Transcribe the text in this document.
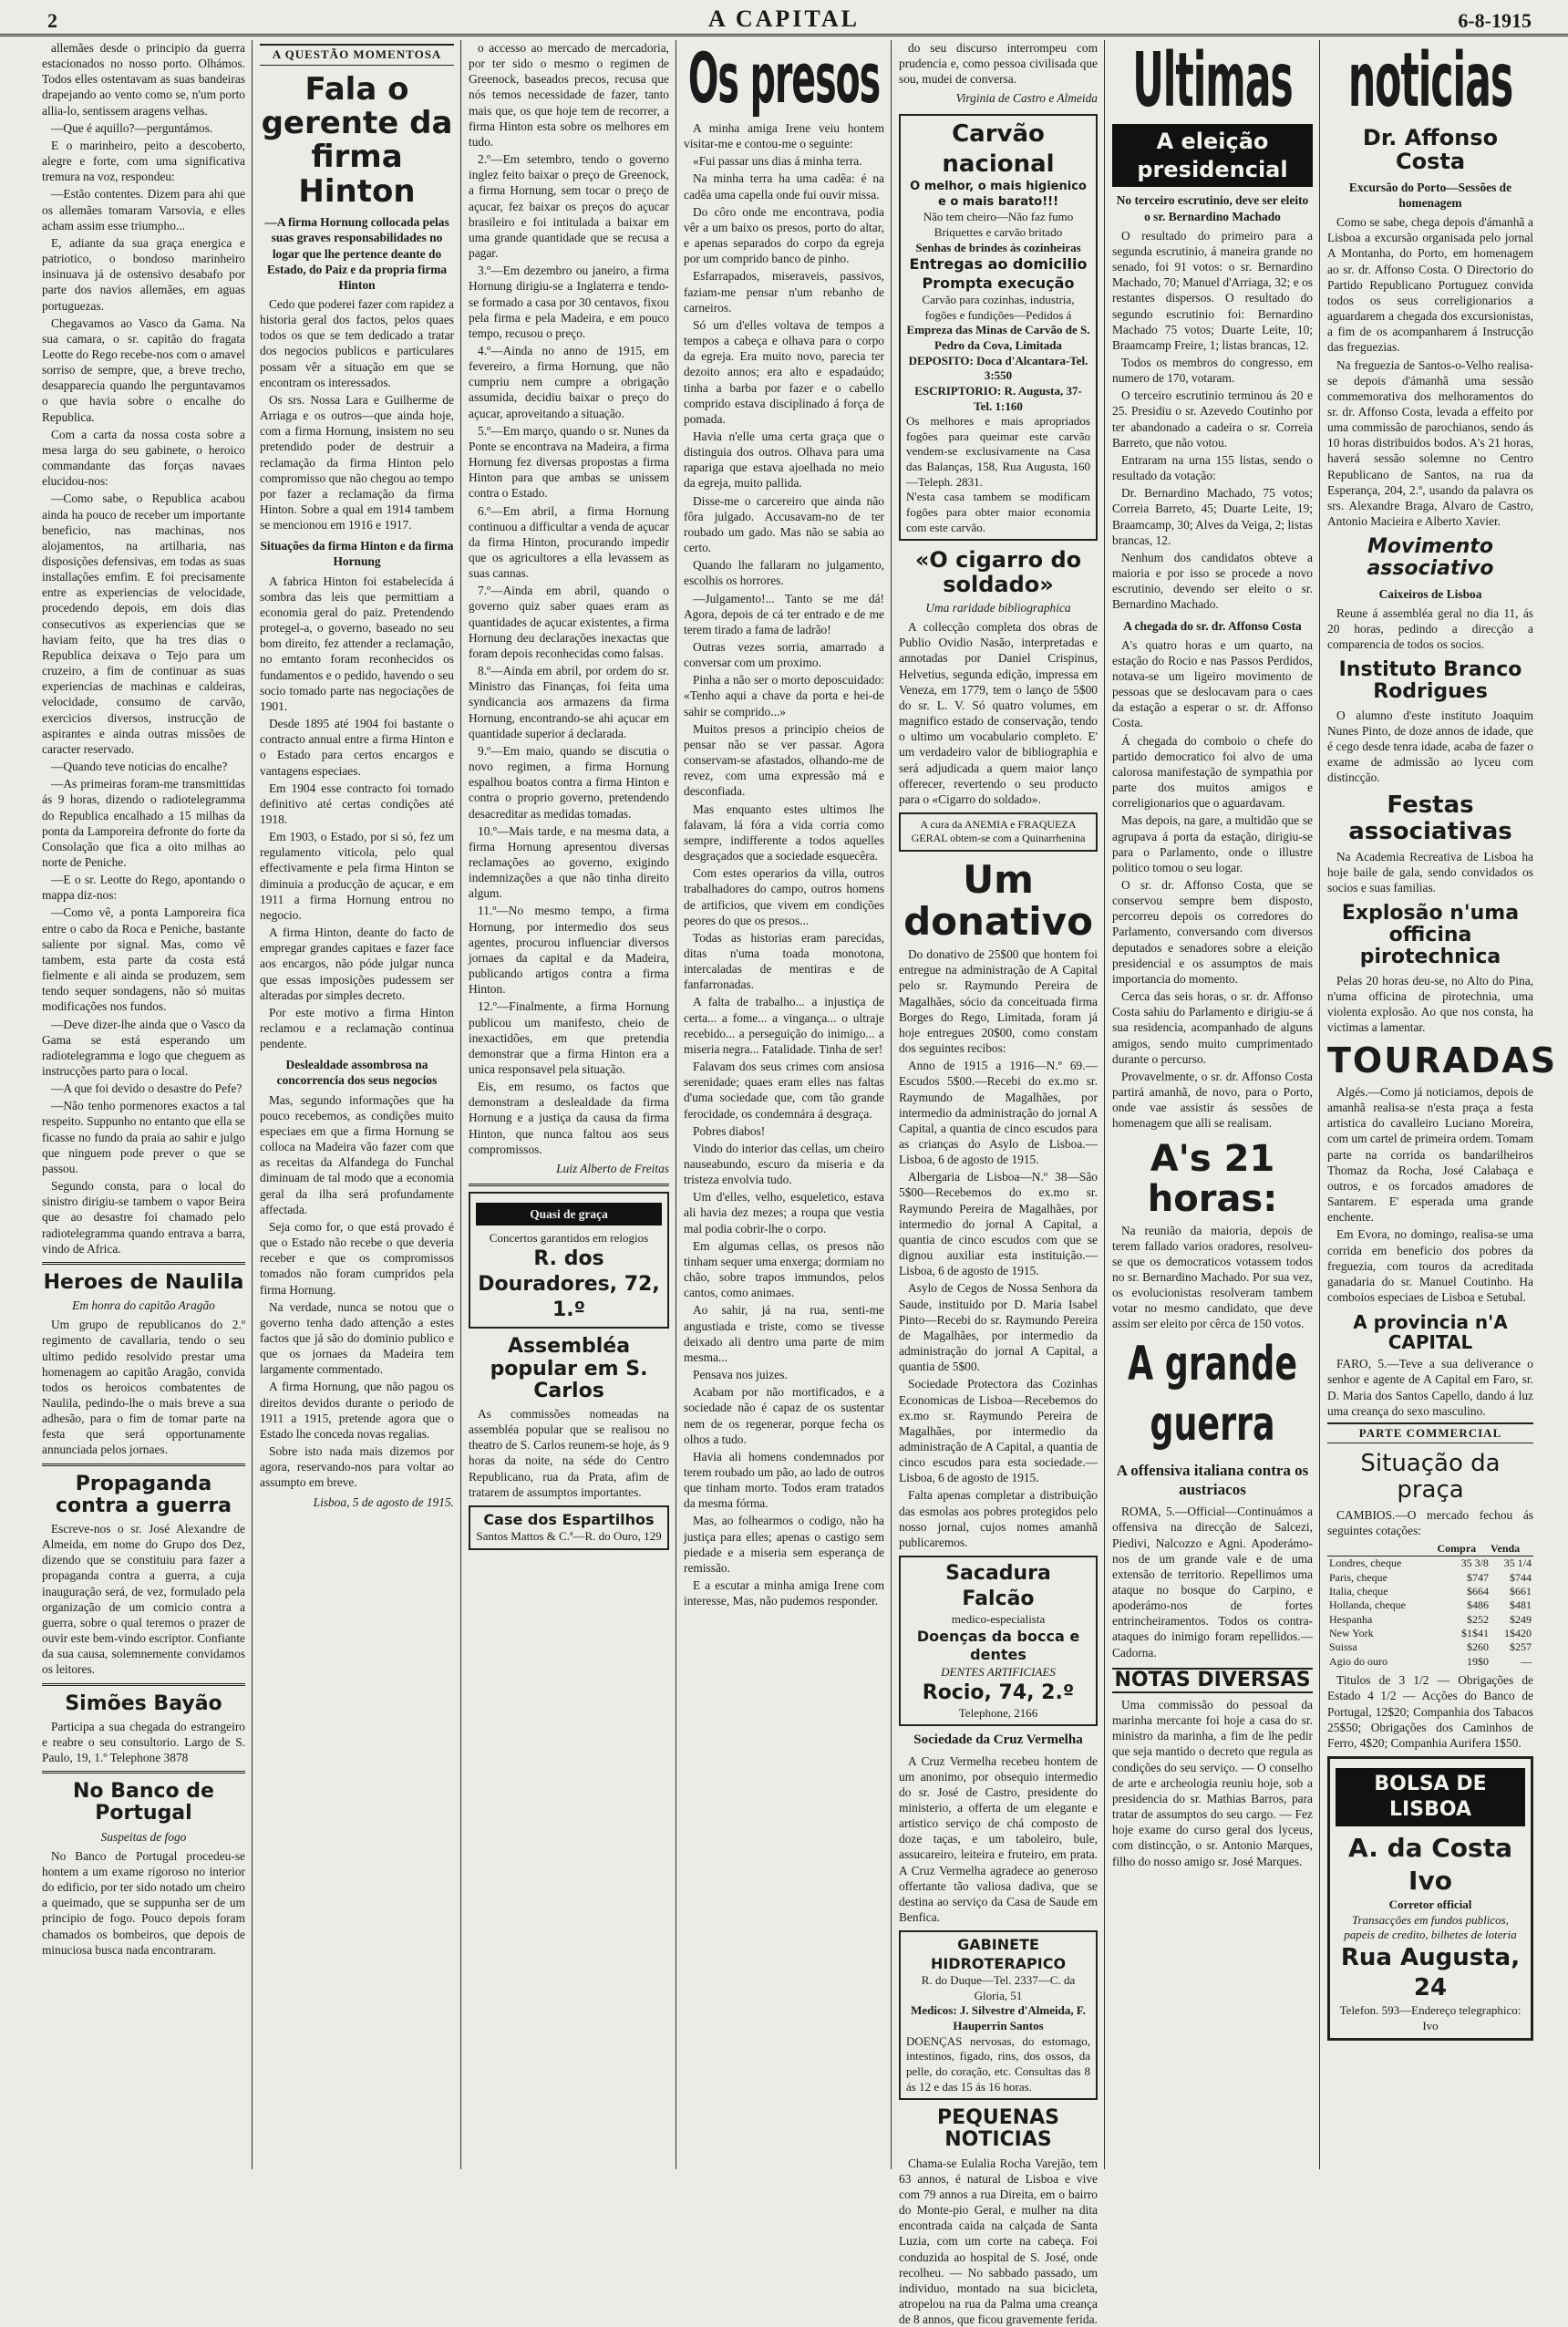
2	A CAPITAL	6-8-1915

allemães desde o principio da guerra estacionados no nosso porto. Olhámos. Todos elles ostentavam as suas bandeiras drapejando ao vento como se, n'um porto allia-lo, sentissem aragens velhas.

—Que é aquillo?—perguntámos.

E o marinheiro, peito a descoberto, alegre e forte, com uma significativa tremura na voz, respondeu:

—Estão contentes. Dizem para ahi que os allemães tomaram Varsovia, e elles acham assim esse triumpho...

E, adiante da sua graça energica e patriotico, o bondoso marinheiro insinuava já de ostensivo desabafo por parte dos navios allemães, em aguas portuguezas.

Chegavamos ao Vasco da Gama. Na sua camara, o sr. capitão do fragata Leotte do Rego recebe-nos com o amavel sorriso de sempre, que, a breve trecho, desapparecia quando lhe perguntavamos o que havia sobre o encalhe do Republica.

Com a carta da nossa costa sobre a mesa larga do seu gabinete, o heroico commandante das forças navaes elucidou-nos:

—Como sabe, o Republica acabou ainda ha pouco de receber um importante beneficio, nas machinas, nos alojamentos, na artilharia, nas disposições defensivas, em todas as suas installações emfim. E foi precisamente entre as experiencias de velocidade, procedendo depois, em dois dias consecutivos as experiencias que se haviam feito, que ha tres dias o Republica deixava o Tejo para um cruzeiro, a fim de continuar as suas experiencias de machinas e caldeiras, velocidade, consumo de carvão, exercicios diversos, instrucção de aspirantes e ainda outras missões de caracter reservado.

—Quando teve noticias do encalhe?

—As primeiras foram-me transmittidas ás 9 horas, dizendo o radiotelegramma do Republica encalhado a 15 milhas da ponta da Lamporeira defronte do forte da Consolação que fica a oito milhas ao norte de Peniche.

—E o sr. Leotte do Rego, apontando o mappa diz-nos:

—Como vê, a ponta Lamporeira fica entre o cabo da Roca e Peniche, bastante saliente por signal. Mas, como vê tambem, esta parte da costa está fielmente e ali ainda se produzem, sem tendo sequer sondagens, não só muitas modificações nos fundos.

—Deve dizer-lhe ainda que o Vasco da Gama se está esperando um radiotelegramma e logo que cheguem as instrucções parto para o local.

—A que foi devido o desastre do Pefe?

—Não tenho pormenores exactos a tal respeito. Suppunho no entanto que ella se ficasse no fundo da praia ao sahir e julgo que ninguem pode prever o que se passou.

Segundo consta, para o local do sinistro dirigiu-se tambem o vapor Beira que ao desastre foi chamado pelo radiotelegramma quando entrava a barra, vindo de Africa.

Heroes de Naulila
Em honra do capitão Aragão

Um grupo de republicanos do 2.º regimento de cavallaria, tendo o seu ultimo pedido resolvido prestar uma homenagem ao capitão Aragão, convida todos os heroicos combatentes de Naulila, pedindo-lhe o mais breve a sua adhesão, para o fim de tomar parte na festa que será opportunamente annunciada pelos jornaes.

Propaganda contra a guerra

Escreve-nos o sr. José Alexandre de Almeida, em nome do Grupo dos Dez, dizendo que se constituiu para fazer a propaganda contra a guerra, a cuja inauguração será, de vez, formulado pela organização de um comicio contra a guerra, sobre o qual teremos o prazer de ouvir este bem-vindo escriptor. Confiante da sua causa, solemnemente convidamos os leitores.

Simões Bayão

Participa a sua chegada do estrangeiro e reabre o seu consultorio. Largo de S. Paulo, 19, 1.º Telephone 3878

No Banco de Portugal
Suspeitas de fogo

No Banco de Portugal procedeu-se hontem a um exame rigoroso no interior do edificio, por ter sido notado um cheiro a queimado, que se suppunha ser de um principio de fogo. Pouco depois foram chamados os bombeiros, que depois de minuciosa busca nada encontraram.

A QUESTÃO MOMENTOSA
Fala o gerente da firma Hinton
—A firma Hornung collocada pelas suas graves responsabilidades no logar que lhe pertence deante do Estado, do Paiz e da propria firma Hinton

Cedo que poderei fazer com rapidez a historia geral dos factos, pelos quaes todos os que se tem dedicado a tratar dos negocios publicos e particulares possam vêr a situação em que se encontram os interessados.

Os srs. Nossa Lara e Guilherme de Arriaga e os outros—que ainda hoje, com a firma Hornung, insistem no seu pretendido poder de destruir a reclamação da firma Hinton pelo compromisso que não chegou ao tempo por fazer a reclamação da firma Hinton. Sobre a qual em 1914 tambem se mencionou em 1916 e 1917.

Situações da firma Hinton e da firma Hornung

A fabrica Hinton foi estabelecida á sombra das leis que permittiam a economia geral do paiz. Pretendendo protegel-a, o governo, baseado no seu bom direito, fez attender a reclamação, no emtanto foram reconhecidos os fundamentos e o pedido, havendo o seu socio tomado parte nas negociações de 1901.

Desde 1895 até 1904 foi bastante o contracto annual entre a firma Hinton e o Estado para certos encargos e vantagens especiaes.

Em 1904 esse contracto foi tornado definitivo até certas condições até 1918.

Em 1903, o Estado, por si só, fez um regulamento viticola, pelo qual effectivamente e pela firma Hinton se diminuia a producção de açucar, e em 1911 a firma Hornung entrou no negocio.

A firma Hinton, deante do facto de empregar grandes capitaes e fazer face aos encargos, não póde julgar nunca que essas imposições pudessem ser alteradas por simples decreto.

Por este motivo a firma Hinton reclamou e a reclamação continua pendente.

Deslealdade assombrosa na concorrencia dos seus negocios

Mas, segundo informações que ha pouco recebemos, as condições muito especiaes em que a firma Hornung se colloca na Madeira vão fazer com que as receitas da Alfandega do Funchal diminuam de tal modo que a economia geral da ilha será profundamente affectada.

Seja como for, o que está provado é que o Estado não recebe o que deveria receber e que os compromissos tomados não foram cumpridos pela firma Hornung.

Na verdade, nunca se notou que o governo tenha dado attenção a estes factos que já são do dominio publico e que os jornaes da Madeira tem largamente commentado.

A firma Hornung, que não pagou os direitos devidos durante o periodo de 1911 a 1915, pretende agora que o Estado lhe conceda novas regalias.

Sobre isto nada mais dizemos por agora, reservando-nos para voltar ao assumpto em breve.

Lisboa, 5 de agosto de 1915.

o accesso ao mercado de mercadoria, por ter sido o mesmo o regimen de Greenock, baseados precos, recusa que nós temos necessidade de fazer, tanto mais que, os que hoje tem de recorrer, a firma Hinton esta sobre os melhores em tudo.

2.º—Em setembro, tendo o governo inglez feito baixar o preço de Greenock, a firma Hornung, sem tocar o preço de açucar, fez baixar os preços do açucar brasileiro e foi intitulada a baixar em uma grande quantidade que se recusa a pagar.

3.º—Em dezembro ou janeiro, a firma Hornung dirigiu-se a Inglaterra e tendo-se formado a casa por 30 centavos, fixou pela firma e pela Madeira, e em pouco tempo, recusou o preço.

4.º—Ainda no anno de 1915, em fevereiro, a firma Hornung, que não cumpriu nem cumpre a obrigação assumida, decidiu baixar o preço do açucar, aproveitando a situação.

5.º—Em março, quando o sr. Nunes da Ponte se encontrava na Madeira, a firma Hornung fez diversas propostas a firma Hinton para que ambas se unissem contra o Estado.

6.º—Em abril, a firma Hornung continuou a difficultar a venda de açucar da firma Hinton, procurando impedir que os agricultores a ella levassem as suas cannas.

7.º—Ainda em abril, quando o governo quiz saber quaes eram as quantidades de açucar existentes, a firma Hornung deu declarações inexactas que foram depois reconhecidas como falsas.

8.º—Ainda em abril, por ordem do sr. Ministro das Finanças, foi feita uma syndicancia aos armazens da firma Hornung, encontrando-se ahi açucar em quantidade superior á declarada.

9.º—Em maio, quando se discutia o novo regimen, a firma Hornung espalhou boatos contra a firma Hinton e contra o proprio governo, pretendendo desacreditar as medidas tomadas.

10.º—Mais tarde, e na mesma data, a firma Hornung apresentou diversas reclamações ao governo, exigindo indemnizações a que não tinha direito algum.

11.º—No mesmo tempo, a firma Hornung, por intermedio dos seus agentes, procurou influenciar diversos jornaes da capital e da Madeira, publicando artigos contra a firma Hinton.

12.º—Finalmente, a firma Hornung publicou um manifesto, cheio de inexactidões, em que pretendia demonstrar que a firma Hinton era a unica responsavel pela situação.

Eis, em resumo, os factos que demonstram a deslealdade da firma Hornung e a justiça da causa da firma Hinton, que nunca faltou aos seus compromissos.

Luiz Alberto de Freitas
Quasi de graça
Concertos garantidos em relogios
R. dos Douradores, 72, 1.º
Assembléa popular em S. Carlos

As commissões nomeadas na assembléa popular que se realisou no theatro de S. Carlos reunem-se hoje, ás 9 horas da noite, na séde do Centro Republicano, rua da Prata, afim de tratarem de assumptos importantes.

Case dos Espartilhos
Santos Mattos & C.ª—R. do Ouro, 129
Os presos

A minha amiga Irene veiu hontem visitar-me e contou-me o seguinte:

«Fui passar uns dias á minha terra.

Na minha terra ha uma cadêa: é na cadêa uma capella onde fui ouvir missa.

Do côro onde me encontrava, podia vêr a um baixo os presos, porto do altar, e apenas separados do corpo da egreja por um comprido banco de pinho.

Esfarrapados, miseraveis, passivos, faziam-me pensar n'um rebanho de carneiros.

Só um d'elles voltava de tempos a tempos a cabeça e olhava para o corpo da egreja. Era muito novo, parecia ter dezoito annos; era alto e espadaúdo; tinha a barba por fazer e o cabello comprido estava disciplinado á força de pomada.

Havia n'elle uma certa graça que o distinguia dos outros. Olhava para uma rapariga que estava ajoelhada no meio da egreja, muito pallida.

Disse-me o carcereiro que ainda não fôra julgado. Accusavam-no de ter roubado um gado. Mas não se sabia ao certo.

Quando lhe fallaram no julgamento, escolhis os horrores.

—Julgamento!... Tanto se me dá! Agora, depois de cá ter entrado e de me terem tirado a fama de ladrão!

Outras vezes sorria, amarrado a conversar com um proximo.

Pinha a não ser o morto deposcuidado: «Tenho aqui a chave da porta e hei-de sahir se comprido...»

Muitos presos a principio cheios de pensar não se ver passar. Agora conservam-se afastados, olhando-me de revez, com uma expressão má e desconfiada.

Mas enquanto estes ultimos lhe falavam, lá fóra a vida corria como sempre, indifferente a todos aquelles desgraçados que a sociedade esquecêra.

Com estes operarios da villa, outros trabalhadores do campo, outros homens de artificios, que vivem em condições peores do que os presos...

Todas as historias eram parecidas, ditas n'uma toada monotona, intercaladas de mentiras e de fanfarronadas.

A falta de trabalho... a injustiça de certa... a fome... a vingança... o ultraje recebido... a perseguição do inimigo... a miseria negra... Fatalidade. Tinha de ser!

Falavam dos seus crimes com ansiosa serenidade; quaes eram elles nas faltas d'uma sociedade que, com tão grande ferocidade, os condemnára á desgraça.

Pobres diabos!

Vindo do interior das cellas, um cheiro nauseabundo, escuro da miseria e da tristeza envolvia tudo.

Um d'elles, velho, esqueletico, estava ali havia dez mezes; a roupa que vestia mal podia cobrir-lhe o corpo.

Em algumas cellas, os presos não tinham sequer uma enxerga; dormiam no chão, sobre trapos immundos, pelos cantos, como animaes.

Ao sahir, já na rua, senti-me angustiada e triste, como se tivesse deixado ali dentro uma parte de mim mesma...

Pensava nos juizes.

Acabam por não mortificados, e a sociedade não é capaz de os sustentar nem de os regenerar, porque fecha os olhos a tudo.

Havia ali homens condemnados por terem roubado um pão, ao lado de outros que tinham morto. Todos eram tratados da mesma fórma.

Mas, ao folhearmos o codigo, não ha justiça para elles; apenas o castigo sem piedade e a miseria sem esperança de remissão.

E a escutar a minha amiga Irene com interesse, Mas, não pudemos responder.

do seu discurso interrompeu com prudencia e, como pessoa civilisada que sou, mudei de conversa.

Virginia de Castro e Almeida
Carvão nacional
O melhor, o mais higienico e o mais barato!!!
Não tem cheiro—Não faz fumo
Briquettes e carvão britado
Senhas de brindes ás cozinheiras
Entregas ao domicilio
Prompta execução
Carvão para cozinhas, industria, fogões e fundições—Pedidos á
Empreza das Minas de Carvão de S. Pedro da Cova, Limitada
DEPOSITO: Doca d'Alcantara-Tel. 3:550
ESCRIPTORIO: R. Augusta, 37-Tel. 1:160
Os melhores e mais apropriados fogões para queimar este carvão vendem-se exclusivamente na Casa das Balanças, 158, Rua Augusta, 160—Teleph. 2831.
N'esta casa tambem se modificam fogões para obter maior economia com este carvão.
«O cigarro do soldado»
Uma raridade bibliographica

A collecção completa dos obras de Publio Ovidio Nasão, interpretadas e annotadas por Daniel Crispinus, Helvetius, segunda edição, impressa em Veneza, em 1779, tem o lanço de 5$00 do sr. L. V. Só quatro volumes, em magnifico estado de conservação, tendo o ultimo um vocabulario completo. E' um verdadeiro valor de bibliographia e será adjudicada a quem maior lanço offerecer, revertendo o seu producto para o «Cigarro do soldado».

A cura da ANEMIA e FRAQUEZA GERAL obtem-se com a Quinarrhenina
Um donativo

Do donativo de 25$00 que hontem foi entregue na administração de A Capital pelo sr. Raymundo Pereira de Magalhães, sócio da conceituada firma Borges do Rego, Limitada, foram já hoje entregues 20$00, como constam dos seguintes recibos:

Anno de 1915 a 1916—N.º 69.—Escudos 5$00.—Recebi do ex.mo sr. Raymundo de Magalhães, por intermedio da administração do jornal A Capital, a quantia de cinco escudos para as crianças do Asylo de Lisboa.—Lisboa, 6 de agosto de 1915.

Albergaria de Lisboa—N.º 38—São 5$00—Recebemos do ex.mo sr. Raymundo Pereira de Magalhães, por intermedio do jornal A Capital, a quantia de cinco escudos com que se dignou auxiliar esta instituição.—Lisboa, 6 de agosto de 1915.

Asylo de Cegos de Nossa Senhora da Saude, instituido por D. Maria Isabel Pinto—Recebi do sr. Raymundo Pereira de Magalhães, por intermedio da administração do jornal A Capital, a quantia de 5$00.

Sociedade Protectora das Cozinhas Economicas de Lisboa—Recebemos do ex.mo sr. Raymundo Pereira de Magalhães, por intermedio da administração de A Capital, a quantia de cinco escudos para esta sociedade.—Lisboa, 6 de agosto de 1915.

Falta apenas completar a distribuição das esmolas aos pobres protegidos pelo nosso jornal, cujos nomes amanhã publicaremos.

Sacadura Falcão
medico-especialista
Doenças da bocca e dentes
DENTES ARTIFICIAES
Rocio, 74, 2.º
Telephone, 2166
Sociedade da Cruz Vermelha

A Cruz Vermelha recebeu hontem de um anonimo, por obsequio intermedio do sr. José de Castro, presidente do ministerio, a offerta de um elegante e artistico serviço de chá composto de doze taças, e um taboleiro, bule, assucareiro, leiteira e fruteiro, em prata. A Cruz Vermelha agradece ao generoso offertante tão valiosa dadiva, que se destina ao serviço da Casa de Saude em Benfica.

GABINETE HIDROTERAPICO
R. do Duque—Tel. 2337—C. da Gloria, 51
Medicos: J. Silvestre d'Almeida, F. Hauperrin Santos
DOENÇAS nervosas, do estomago, intestinos, figado, rins, dos ossos, da pelle, do coração, etc. Consultas das 8 ás 12 e das 15 ás 16 horas.
PEQUENAS NOTICIAS

Chama-se Eulalia Rocha Varejão, tem 63 annos, é natural de Lisboa e vive com 79 annos a rua Direita, em o bairro do Monte-pio Geral, e mulher na dita encontrada caida na calçada de Santa Luzia, com um corte na cabeça. Foi conduzida ao hospital de S. José, onde recolheu. — No sabbado passado, um individuo, montado na sua bicicleta, atropelou na rua da Palma uma creança de 8 annos, que ficou gravemente ferida.

Ultimas
A eleição presidencial
No terceiro escrutinio, deve ser eleito o sr. Bernardino Machado

O resultado do primeiro para a segunda escrutinio, á maneira grande no senado, foi 91 votos: o sr. Bernardino Machado, 70; Manuel d'Arriaga, 32; e os restantes dispersos. O resultado do segundo escrutinio foi: Bernardino Machado 75 votos; Duarte Leite, 10; Braamcamp Freire, 1; listas brancas, 12.

Todos os membros do congresso, em numero de 170, votaram.

O terceiro escrutinio terminou ás 20 e 25. Presidiu o sr. Azevedo Coutinho por ter abandonado a cadeira o sr. Correia Barreto, que não votou.

Entraram na urna 155 listas, sendo o resultado da votação:

Dr. Bernardino Machado, 75 votos; Correia Barreto, 45; Duarte Leite, 19; Braamcamp, 30; Alves da Veiga, 2; listas brancas, 12.

Nenhum dos candidatos obteve a maioria e por isso se procede a novo escrutinio, devendo ser eleito o sr. Bernardino Machado.

A chegada do sr. dr. Affonso Costa

A's quatro horas e um quarto, na estação do Rocio e nas Passos Perdidos, notava-se um ligeiro movimento de pessoas que se deslocavam para o caes da estação a esperar o sr. dr. Affonso Costa.

Á chegada do comboio o chefe do partido democratico foi alvo de uma calorosa manifestação de sympathia por parte dos muitos amigos e correligionarios que o aguardavam.

Mas depois, na gare, a multidão que se agrupava á porta da estação, dirigiu-se para o Parlamento, onde o illustre politico tomou o seu logar.

O sr. dr. Affonso Costa, que se conservou sempre bem disposto, percorreu depois os corredores do Parlamento, conversando com diversos deputados e senadores sobre a eleição presidencial e os assumptos de mais importancia do momento.

Cerca das seis horas, o sr. dr. Affonso Costa sahiu do Parlamento e dirigiu-se á sua residencia, acompanhado de alguns amigos, sendo muito cumprimentado durante o percurso.

Provavelmente, o sr. dr. Affonso Costa partirá amanhã, de novo, para o Porto, onde vae assistir ás sessões de homenagem que alli se realisam.

A's 21 horas:

Na reunião da maioria, depois de terem fallado varios oradores, resolveu-se que os democraticos votassem todos no sr. Bernardino Machado. Por sua vez, os evolucionistas resolveram tambem votar no mesmo candidato, que deve assim ser eleito por cêrca de 150 votos.

A grande guerra
A offensiva italiana contra os austriacos

ROMA, 5.—Official—Continuámos a offensiva na direcção de Salcezi, Piedivi, Nalcozzo e Agni. Apoderámo-nos de um grande vale e de uma extensão de territorio. Repellimos uma ataque no bosque do Carpino, e apoderámo-nos de fortes entrincheiramentos. Todos os contra-ataques do inimigo foram repellidos.—Cadorna.

NOTAS DIVERSAS

Uma commissão do pessoal da marinha mercante foi hoje a casa do sr. ministro da marinha, a fim de lhe pedir que seja mantido o decreto que regula as condições do seu serviço. — O conselho de arte e archeologia reuniu hoje, sob a presidencia do sr. Mathias Barros, para tratar de assumptos do seu cargo. — Fez hoje exame do curso geral dos lyceus, com distincção, o sr. Antonio Marques, filho do nosso amigo sr. José Marques.

noticias
Dr. Affonso Costa
Excursão do Porto—Sessões de homenagem

Como se sabe, chega depois d'ámanhã a Lisboa a excursão organisada pelo jornal A Montanha, do Porto, em homenagem ao sr. dr. Affonso Costa. O Directorio do Partido Republicano Portuguez convida todos os seus correligionarios a aguardarem a chegada dos excursionistas, a fim de os acompanharem á Instrucção das freguezias.

Na freguezia de Santos-o-Velho realisa-se depois d'ámanhã uma sessão commemorativa dos melhoramentos do sr. dr. Affonso Costa, levada a effeito por uma commissão de parochianos, sendo ás 10 horas distribuidos bodos. A's 21 horas, haverá sessão solemne no Centro Republicano de Santos, na rua da Esperança, 204, 2.º, usando da palavra os srs. Alexandre Braga, Alvaro de Castro, Antonio Macieira e Alberto Xavier.

Movimento associativo
Caixeiros de Lisboa

Reune á assembléa geral no dia 11, ás 20 horas, pedindo a direcção a comparencia de todos os socios.

Instituto Branco Rodrigues

O alumno d'este instituto Joaquim Nunes Pinto, de doze annos de idade, que é cego desde tenra idade, acaba de fazer o exame de admissão ao lyceu com distincção.

Festas associativas

Na Academia Recreativa de Lisboa ha hoje baile de gala, sendo convidados os socios e suas familias.

Explosão n'uma officina pirotechnica

Pelas 20 horas deu-se, no Alto do Pina, n'uma officina de pirotechnia, uma violenta explosão. Ao que nos consta, ha victimas a lamentar.

TOURADAS

Algés.—Como já noticiamos, depois de amanhã realisa-se n'esta praça a festa artistica do cavalleiro Luciano Moreira, com um cartel de primeira ordem. Tomam parte na corrida os bandarilheiros Thomaz da Rocha, José Calabaça e outros, e os forcados amadores de Santarem. E' esperada uma grande enchente.

Em Evora, no domingo, realisa-se uma corrida em beneficio dos pobres da freguezia, com touros da acreditada ganadaria do sr. Manuel Coutinho. Ha comboios especiaes de Lisboa e Setubal.

A provincia n'A CAPITAL

FARO, 5.—Teve a sua deliverance o senhor e agente de A Capital em Faro, sr. D. Maria dos Santos Capello, dando á luz uma creança do sexo masculino.

PARTE COMMERCIAL
Situação da praça

CAMBIOS.—O mercado fechou ás seguintes cotações:

	Compra	Venda
Londres, cheque	35 3/8	35 1/4
Paris, cheque	$747	$744
Italia, cheque	$664	$661
Hollanda, cheque	$486	$481
Hespanha	$252	$249
New York	$1$41	1$420
Suissa	$260	$257
Agio do ouro	19$0	—

Titulos de 3 1/2 — Obrigações de Estado 4 1/2 — Acções do Banco de Portugal, 12$20; Companhia dos Tabacos 25$50; Obrigações dos Caminhos de Ferro, 4$20; Companhia Aurifera 1$50.

BOLSA DE LISBOA
A. da Costa Ivo
Corretor official
Transacções em fundos publicos, papeis de credito, bilhetes de loteria
Rua Augusta, 24
Telefon. 593—Endereço telegraphico: Ivo
